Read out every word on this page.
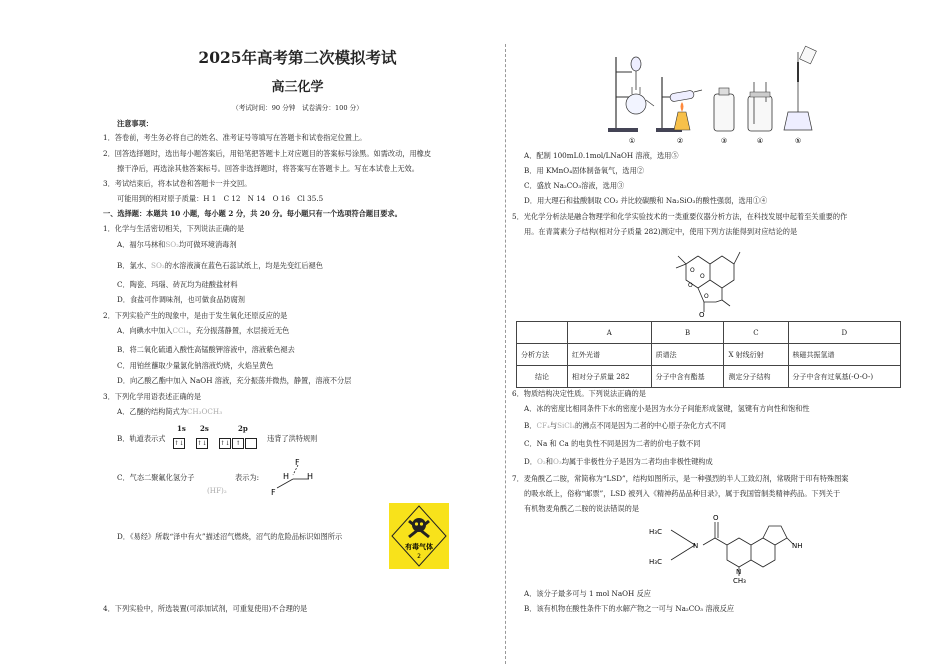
2025年高考第二次模拟考试
高三化学
（考试时间：90 分钟　试卷满分：100 分）
注意事项：
1．答卷前，考生务必将自己的姓名、准考证号等填写在答题卡和试卷指定位置上。
2．回答选择题时，选出每小题答案后，用铅笔把答题卡上对应题目的答案标号涂黑。如需改动，用橡皮
擦干净后，再选涂其他答案标号。回答非选择题时，将答案写在答题卡上。写在本试卷上无效。
3．考试结束后，将本试卷和答题卡一并交回。
可能用到的相对原子质量：H 1　C 12　N 14　O 16　Cl 35.5
一、选择题：本题共 10 小题，每小题 2 分，共 20 分。每小题只有一个选项符合题目要求。
1．化学与生活密切相关，下列说法正确的是
A．福尔马林和SO₂均可做环境消毒剂
B．氯水、SO₂的水溶液滴在蓝色石蕊试纸上，均是先变红后褪色
C．陶瓷、玛瑙、砖瓦均为硅酸盐材料
D．食盐可作调味剂，也可做食品防腐剂
2．下列实验产生的现象中，是由于发生氧化还原反应的是
A．向碘水中加入CCl₄，充分振荡静置，水层接近无色
B．将二氧化硫通入酸性高锰酸钾溶液中，溶液紫色褪去
C．用铂丝蘸取少量氯化钠溶液灼烧，火焰呈黄色
D．向乙酸乙酯中加入 NaOH 溶液，充分振荡并微热，静置，溶液不分层
3．下列化学用语表述正确的是
A．乙醚的结构简式为CH₃OCH₃
B．轨道表示式
1s 2s	2p
↑↓ ↑↓ ↑↓ ↑
违背了洪特规则
C．气态二聚氟化氢分子
(HF)₂
表示为:
F
H H
F
D．《易经》所载“泽中有火”描述沼气燃烧，沼气的危险品标识如图所示
有毒气体
2
4．下列实验中，所选装置(可添加试剂，可重复使用)不合理的是
①	②	③	④	⑤
A．配制 100mL0.1mol/LNaOH 溶液，选用⑤
B．用 KMnO₄固体制备氧气，选用②
C．盛放 Na₂CO₃溶液，选用③
D．用大理石和盐酸制取 CO₂ 并比较碳酸和 Na₂SiO₃的酸性强弱，选用①④
5．光化学分析法是融合物理学和化学实验技术的一类重要仪器分析方法，在科技发展中起着至关重要的作
用。在青蒿素分子结构(相对分子质量 282)测定中，使用下列方法能得到对应结论的是
O
O
O
O
O
	A	B	C	D
分析方法	红外光谱	质谱法	X 射线衍射	核磁共振氢谱
结论	相对分子质量 282	分子中含有酯基	测定分子结构	分子中含有过氧基(-O-O-)
6．物质结构决定性质。下列说法正确的是
A．冰的密度比相同条件下水的密度小是因为水分子间能形成氢键，氢键有方向性和饱和性
B．CF₄与SiCl₄的沸点不同是因为二者的中心原子杂化方式不同
C．Na 和 Ca 的电负性不同是因为二者的价电子数不同
D．O₂和O₃均属于非极性分子是因为二者均由非极性键构成
7．麦角酰乙二胺，常简称为“LSD”，结构如图所示，是一种强烈的半人工致幻剂，常吸附于印有特殊图案
的吸水纸上，俗称“邮票”，LSD 被列入《精神药品品种目录》，属于我国管制类精神药品。下列关于
有机物麦角酰乙二胺的说法错误的是
H₃C
H₃C
N
O
N
CH₃
NH
A．该分子最多可与 1 mol NaOH 反应
B．该有机物在酸性条件下的水解产物之一可与 Na₂CO₃ 溶液反应
